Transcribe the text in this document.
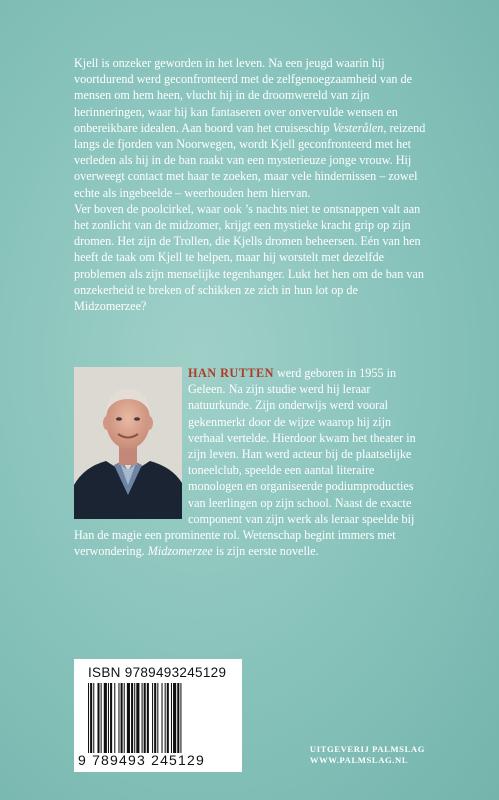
Kjell is onzeker geworden in het leven. Na een jeugd waarin hij voortdurend werd geconfronteerd met de zelfgenoegzaamheid van de mensen om hem heen, vlucht hij in de droomwereld van zijn herinneringen, waar hij kan fantaseren over onvervulde wensen en onbereikbare idealen. Aan boord van het cruiseschip Vesterålen, reizend langs de fjorden van Noorwegen, wordt Kjell geconfronteerd met het verleden als hij in de ban raakt van een mysterieuze jonge vrouw. Hij overweegt contact met haar te zoeken, maar vele hindernissen – zowel echte als ingebeelde – weerhouden hem hiervan.

Ver boven de poolcirkel, waar ook ’s nachts niet te ontsnappen valt aan het zonlicht van de midzomer, krijgt een mystieke kracht grip op zijn dromen. Het zijn de Trollen, die Kjells dromen beheersen. Eén van hen heeft de taak om Kjell te helpen, maar hij worstelt met dezelfde problemen als zijn menselijke tegenhanger. Lukt het hen om de ban van onzekerheid te breken of schikken ze zich in hun lot op de Midzomerzee?

HAN RUTTEN werd geboren in 1955 in Geleen. Na zijn studie werd hij leraar natuurkunde. Zijn onderwijs werd vooral gekenmerkt door de wijze waarop hij zijn verhaal vertelde. Hierdoor kwam het theater in zijn leven. Han werd acteur bij de plaatselijke toneelclub, speelde een aantal literaire monologen en organiseerde podiumproducties van leerlingen op zijn school. Naast de exacte component van zijn werk als leraar speelde bij Han de magie een prominente rol. Wetenschap begint immers met verwondering. Midzomerzee is zijn eerste novelle.

ISBN 9789493245129
9 789493 245129
UITGEVERIJ PALMSLAG
WWW.PALMSLAG.NL
